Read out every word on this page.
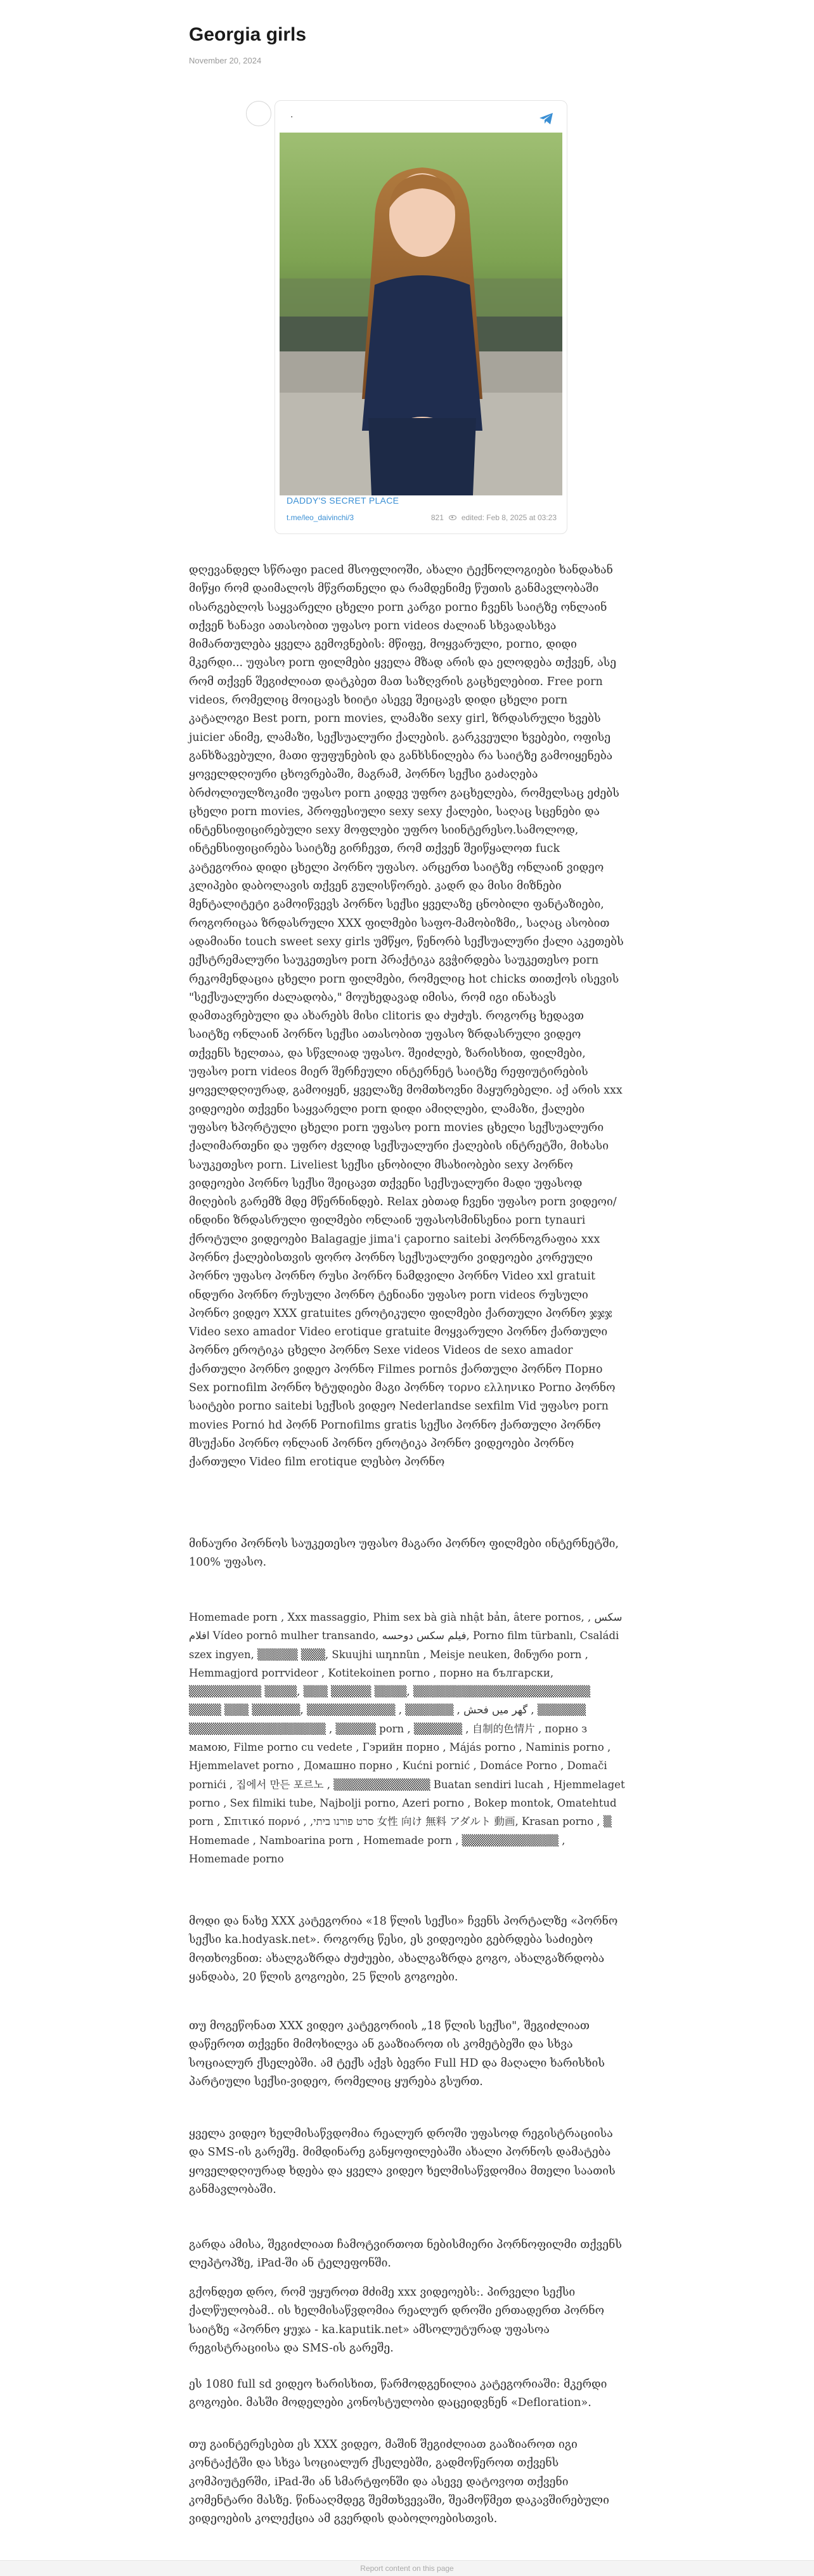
Georgia girls
November 20, 2024
·
DADDY'S SECRET PLACE
t.me/leo_daivinchi/3	821 edited: Feb 8, 2025 at 03:23
დღევანდელ სწრაფი paced მსოფლიოში, ახალი ტექნოლოგიები ხანდახან მიწყი რომ დაიმალოს მწვრთნელი და რამდენიმე წუთის განმავლობაში ისარგებლოს საყვარელი ცხელი porn კარგი porno ჩვენს საიტზე ონლაინ თქვენ ხანავი ათასობით უფასო porn videos ძალიან სხვადასხვა მიმართულება ყველა გემოვნების: მწიფე, მოყვარული, porno, დიდი მკერდი... უფასო porn ფილმები ყველა მზად არის და ელოდება თქვენ, ასე რომ თქვენ შეგიძლიათ დატკბეთ მათ საზღვრის გაცხელებით. Free porn videos, რომელიც მოიცავს ხიიტი ასევე შეიცავს დიდი ცხელი porn კატალოგი Best porn, porn movies, ლამაზი sexy girl, ზრდასრული ხვებს juicier ანიმე, ლამაზი, სექსუალური ქალების. გარკვეული ხვებები, ოფისე განხზავებული, მათი ფუფუნების და განხსნილება რა საიტზე გამოიყენება ყოველდღიური ცხოვრებაში, მაგრამ, პორნო სექსი გაძაღება ბრძოლიულზოკიმი უფასო porn კიდევ უფრო გაცხელება, რომელსაც ეძებს ცხელი porn movies, პროფესიული sexy sexy ქალები, საღაც სცენები და ინტენსიფიცირებული sexy მოფლები უფრო სიინტერესო.სამოლოდ, ინტენსიფიცირება საიტზე გირჩევთ, რომ თქვენ შეიწყალოთ fuck კატეგორია დიდი ცხელი პორნო უფასო. არცერთ საიტზე ონლაინ ვიდეო კლიპები დაბოლავის თქვენ გულისწორებ. კადრ და მისი მიზნები მენტალიტეტი გამოიწვევს პორნო სექსი ყველაზე ცნობილი ფანტაზიები, როგორიცაა ზრდასრული XXX ფილმები საფო-მამობიზმი,, საღაც ასობით ადამიანი touch sweet sexy girls უმწყო, წენორბ სექსუალური ქალი აკეთებს ექსტრემალური საუკეთესო porn პრაქტიკა გვჭირდება საუკეთესო porn რეკომენდაცია ცხელი porn ფილმები, რომელიც hot chicks თითქოს ისევის "სექსუალური ძალადობა," მოუხედავად იმისა, რომ იგი ინახავს დამთავრებული და ახარებს მისი clitoris და ძუძუს. როგორც ხედავთ საიტზე ონლაინ პორნო სექსი ათასობით უფასო ზრდასრული ვიდეო თქვენს ხელთაა, და სწვლიად უფასო. შეიძლებ, ზარისხით, ფილმები, უფასო porn videos მიერ შერჩეული ინტერნეტ საიტზე რეფიუტირების ყოველდღიურად, გამოიყენ, ყველაზე მომთხოვნი მაყურებელი. აქ არის xxx ვიდეოები თქვენი საყვარელი porn დიდი ამიღლები, ლამაზი, ქალები უფასო ხპორტული ცხელი porn უფასო porn movies ცხელი სექსუალური ქალიმართენი და უფრო ძვლიდ სექსუალური ქალების ინტრეტში, მიხასი საუკეთესო porn. Liveliest სექსი ცნობილი მსახიობები sexy პორნო ვიდეოები პორნო სექსი შეიცავთ თქვენი სექსუალური მადი უფასოდ მიღების გარემზ მდე მწერნინდებ. Relax ებთად ჩვენი უფასო porn ვიდეოი/ინდინი ზრდასრული ფილმები ონლაინ უფასოსმინსენია porn tynauri ქროტული ვიდეოები Balagagje jima'i ҫaporno saitebi პორნოგრაფია xxx პორნო ქალებისთვის ფორო პორნო სექსუალური ვიდეოები კორეული პორნო უფასო პორნო რუსი პორნო ნამდვილი პორნო Video xxl gratuit ინდური პორნო რუსული პორნო ტენიანი უფასო porn videos რუსული პორნო ვიდეო XXX gratuites ეროტიკული ფილმები ქართული პორნო ჯჯჯ Video sexo amador Video erotique gratuite მოყვარული პორნო ქართული პორნო ეროტიკა ცხელი პორნო Sexe videos Videos de sexo amador ქართული პორნო ვიდეო პორნო Filmes pornôs ქართული პორნო Порно Sex pornofilm პორნო ხტუდიები მაგი პორნო τορνο ελληνικο Porno პორნო საიტები porno saitebi სექსის ვიდეო Nederlandse sexfilm Vid უფასო porn movies Pornó hd პორნ Pornofilms gratis სექსი პორნო ქართული პორნო მსუქანი პორნო ონლაინ პორნო ეროტიკა პორნო ვიდეოები პორნო ქართული Video film erotique ლესბო პორნო
მინაური პორნოს საუკეთესო უფასო მაგარი პორნო ფილმები ინტერნეტში, 100% უფასო.
Homemade porn , Xxx massaggio, Phim sex bà già nhật bản, âtere pornos, سكس , افلام Vídeo pornô mulher transando, فيلم سكس دوحسه, Porno film türbanlı, Családi szex ingyen, ▒▒▒▒▒ ▒▒▒, Skuujhi ադոռնո , Meisje neuken, მინური porn , Hemmagjord porrvideor , Kotitekoinen porno , порно на български, ▒▒▒▒▒▒▒▒▒ ▒▒▒▒, ▒▒▒ ▒▒▒▒▒ ▒▒▒▒, ▒▒▒▒▒▒▒▒▒▒▒▒▒▒▒▒▒▒▒▒▒▒ ▒▒▒▒ ▒▒▒ ▒▒▒▒▒▒, ▒▒▒▒▒▒▒▒▒▒▒ , ▒▒▒▒▒▒ , گھر میں فحش , ▒▒▒▒▒▒ ▒▒▒▒▒▒▒▒▒▒▒▒▒▒▒▒▒ , ▒▒▒▒▒ porn , ▒▒▒▒▒▒ , 自制的色情片 , порно з мамою, Filme porno cu vedete , Гэрийн порно , Májás porno , Naminis porno , Hjemmelavet porno , Домашно порно , Kućni pornić , Domáce Porno , Domači pornići , 집에서 만든 포르노 , ▒▒▒▒▒▒▒▒▒▒▒▒ Buatan sendiri lucah , Hjemmelaget porno , Sex filmiki tube, Najbolji porno, Azeri porno , Bokep montok, Omatehtud porn , Σπιτικό πορνό , ,סרט פורנו ביתי 女性 向け 無料 アダルト 動画, Krasan porno , ▒ Homemade , Namboarina porn , Homemade porn , ▒▒▒▒▒▒▒▒▒▒▒▒ , Homemade porno
მოდი და ნახე XXX კატეგორია «18 წლის სექსი» ჩვენს პორტალზე «პორნო სექსი ka.hodyask.net». როგორც წესი, ეს ვიდეოები გებრდება საძიებო მოთხოვნით: ახალგაზრდა ძუძუები, ახალგაზრდა გოგო, ახალგაზრდობა ყანდაბა, 20 წლის გოგოები, 25 წლის გოგოები.
თუ მოგეწონათ XXX ვიდეო კატეგორიის „18 წლის სექსი", შეგიძლიათ დაწეროთ თქვენი მიმოხილვა ან გააზიაროთ ის კომეტბეში და სხვა სოციალურ ქსელებში. ამ ტექს აქვს ბევრი Full HD და მაღალი ხარისხის პარტიული სექსი-ვიდეო, რომელიც ყურება გსურთ.
ყველა ვიდეო ხელმისაწვდომია რეალურ დროში უფასოდ რეგისტრაციისა და SMS-ის გარეშე. მიმდინარე განყოფილებაში ახალი პორნოს დამატება ყოველდღიურად ხდება და ყველა ვიდეო ხელმისაწვდომია მთელი საათის განმავლობაში.
გარდა ამისა, შეგიძლიათ ჩამოტვირთოთ ნებისმიერი პორნოფილმი თქვენს ლეპტოპზე, iPad-ში ან ტელეფონში.
გქონდეთ დრო, რომ უყუროთ მძიმე xxx ვიდეოებს:. პირველი სექსი ქალწულობამ.. ის ხელმისაწვდომია რეალურ დროში ერთადერთ პორნო საიტზე «პორნო ყუჯა - ka.kaputik.net» ამსოლუტურად უფასოა რეგისტრაციისა და SMS-ის გარეშე.
ეს 1080 full sd ვიდეო ხარისხით, წარმოდგენილია კატეგორიაში: მკერდი გოგოები. მასში მოდელები კონოსტულობი დაცეიდვნენ «Defloration».
თუ გაინტერესებთ ეს XXX ვიდეო, მაშინ შეგიძლიათ გააზიაროთ იგი კონტაქტში და სხვა სოციალურ ქსელებში, გადმოწეროთ თქვენს კომპიუტერში, iPad-ში ან სმარტფონში და ასევე დატოვოთ თქვენი კომენტარი მასზე. წინააღმდეგ შემთხვევაში, შეამოწმეთ დაკავშირებული ვიდეოების კოლექცია ამ გვერდის დაბოლოებისთვის.
Report content on this page
